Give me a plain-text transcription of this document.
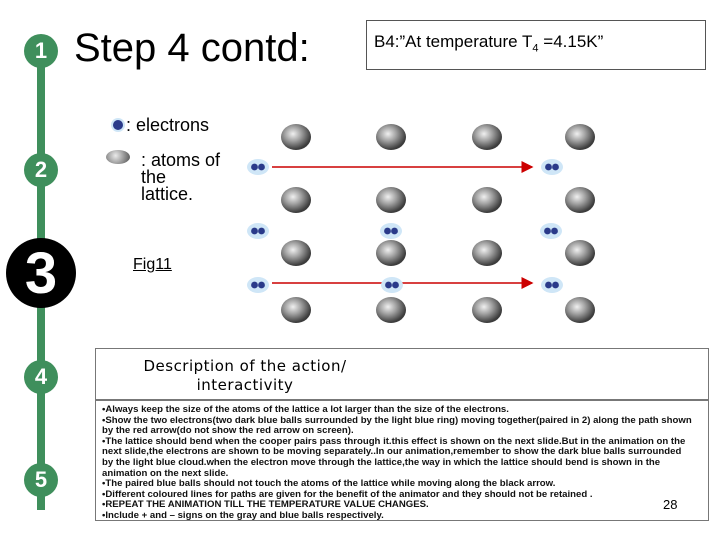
1
2
3
4
5
Step 4 contd:	B4:”At temperature $T_4 =4.15K$”
: electrons
: atoms of the lattice.
Fig11
Description of the action/ interactivity
•Always keep the size of the atoms of the lattice a lot larger than the size of the electrons.
•Show the two electrons(two dark blue balls surrounded by the light blue ring) moving together(paired in 2) along the path shown by the red arrow(do not show the red arrow on screen).
•The lattice should bend when the cooper pairs pass through it.this effect is shown on the next slide.But in the animation on the next slide,the electrons are shown to be moving separately..In our animation,remember to show the dark blue balls surrounded by the light blue cloud.when the electron move through the lattice,the way in which the lattice should bend is shown in the animation on the next slide.
•The paired blue balls should not touch the atoms of the lattice while moving along the black arrow.
•Different coloured lines for paths are given for the benefit of the animator and they should not be retained .
•REPEAT THE ANIMATION TILL THE TEMPERATURE VALUE CHANGES.
•Include + and – signs on the gray and blue balls respectively.
28
